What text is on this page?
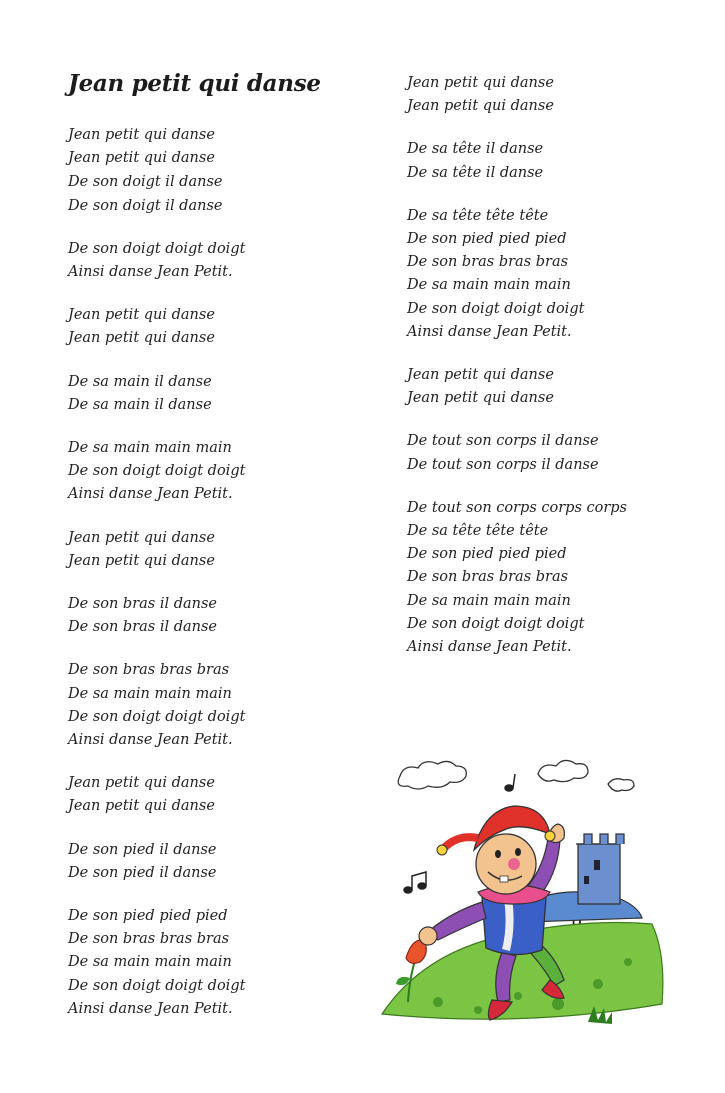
Jean petit qui danse
Jean petit qui danse
Jean petit qui danse
De son doigt il danse
De son doigt il danse
De son doigt doigt doigt
Ainsi danse Jean Petit.
Jean petit qui danse
Jean petit qui danse
De sa main il danse
De sa main il danse
De sa main main main
De son doigt doigt doigt
Ainsi danse Jean Petit.
Jean petit qui danse
Jean petit qui danse
De son bras il danse
De son bras il danse
De son bras bras bras
De sa main main main
De son doigt doigt doigt
Ainsi danse Jean Petit.
Jean petit qui danse
Jean petit qui danse
De son pied il danse
De son pied il danse
De son pied pied pied
De son bras bras bras
De sa main main main
De son doigt doigt doigt
Ainsi danse Jean Petit.
Jean petit qui danse
Jean petit qui danse
De sa tête il danse
De sa tête il danse
De sa tête tête tête
De son pied pied pied
De son bras bras bras
De sa main main main
De son doigt doigt doigt
Ainsi danse Jean Petit.
Jean petit qui danse
Jean petit qui danse
De tout son corps il danse
De tout son corps il danse
De tout son corps corps corps
De sa tête tête tête
De son pied pied pied
De son bras bras bras
De sa main main main
De son doigt doigt doigt
Ainsi danse Jean Petit.
